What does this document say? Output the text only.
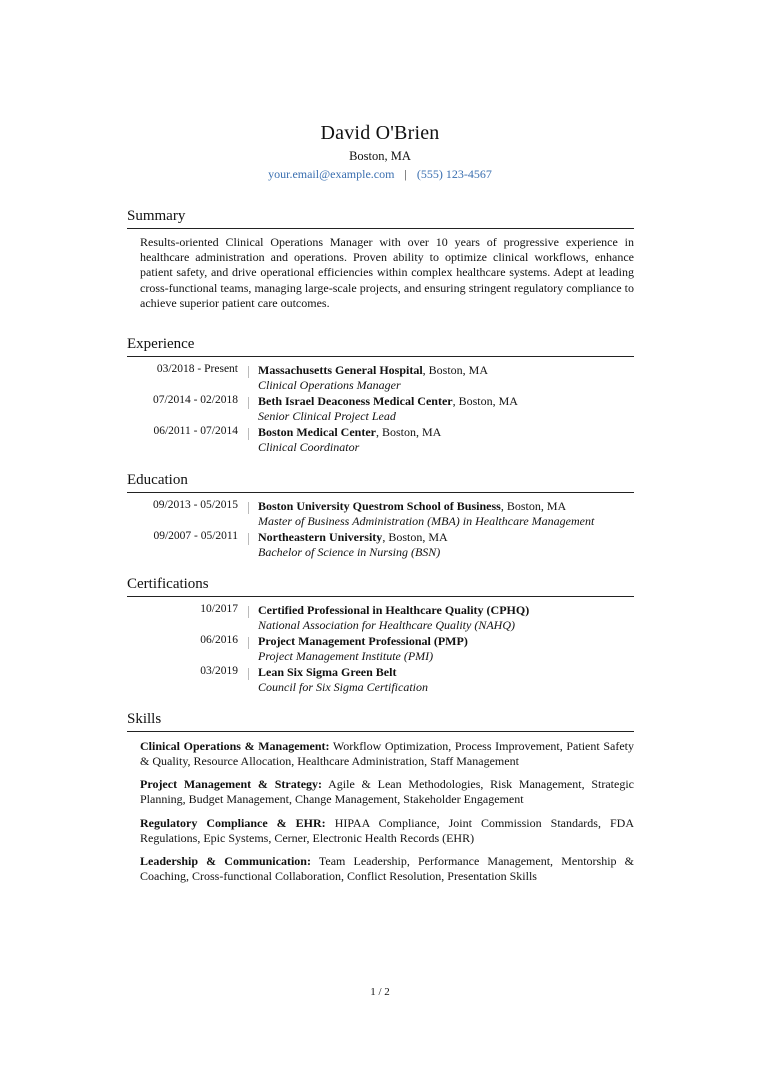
David O'Brien
Boston, MA
your.email@example.com | (555) 123-4567
Summary
Results-oriented Clinical Operations Manager with over 10 years of progressive experience in healthcare administration and operations. Proven ability to optimize clinical workflows, enhance patient safety, and drive operational efficiencies within complex healthcare systems. Adept at leading cross-functional teams, managing large-scale projects, and ensuring stringent regulatory compliance to achieve superior patient care outcomes.
Experience
03/2018 - Present Massachusetts General Hospital, Boston, MA
Clinical Operations Manager
07/2014 - 02/2018 Beth Israel Deaconess Medical Center, Boston, MA
Senior Clinical Project Lead
06/2011 - 07/2014 Boston Medical Center, Boston, MA
Clinical Coordinator
Education
09/2013 - 05/2015 Boston University Questrom School of Business, Boston, MA
Master of Business Administration (MBA) in Healthcare Management
09/2007 - 05/2011 Northeastern University, Boston, MA
Bachelor of Science in Nursing (BSN)
Certifications
10/2017 Certified Professional in Healthcare Quality (CPHQ)
National Association for Healthcare Quality (NAHQ)
06/2016 Project Management Professional (PMP)
Project Management Institute (PMI)
03/2019 Lean Six Sigma Green Belt
Council for Six Sigma Certification
Skills
Clinical Operations & Management: Workflow Optimization, Process Improvement, Patient Safety & Quality, Resource Allocation, Healthcare Administration, Staff Management
Project Management & Strategy: Agile & Lean Methodologies, Risk Management, Strategic Planning, Budget Management, Change Management, Stakeholder Engagement
Regulatory Compliance & EHR: HIPAA Compliance, Joint Commission Standards, FDA Regulations, Epic Systems, Cerner, Electronic Health Records (EHR)
Leadership & Communication: Team Leadership, Performance Management, Mentorship & Coaching, Cross-functional Collaboration, Conflict Resolution, Presentation Skills
1 / 2
